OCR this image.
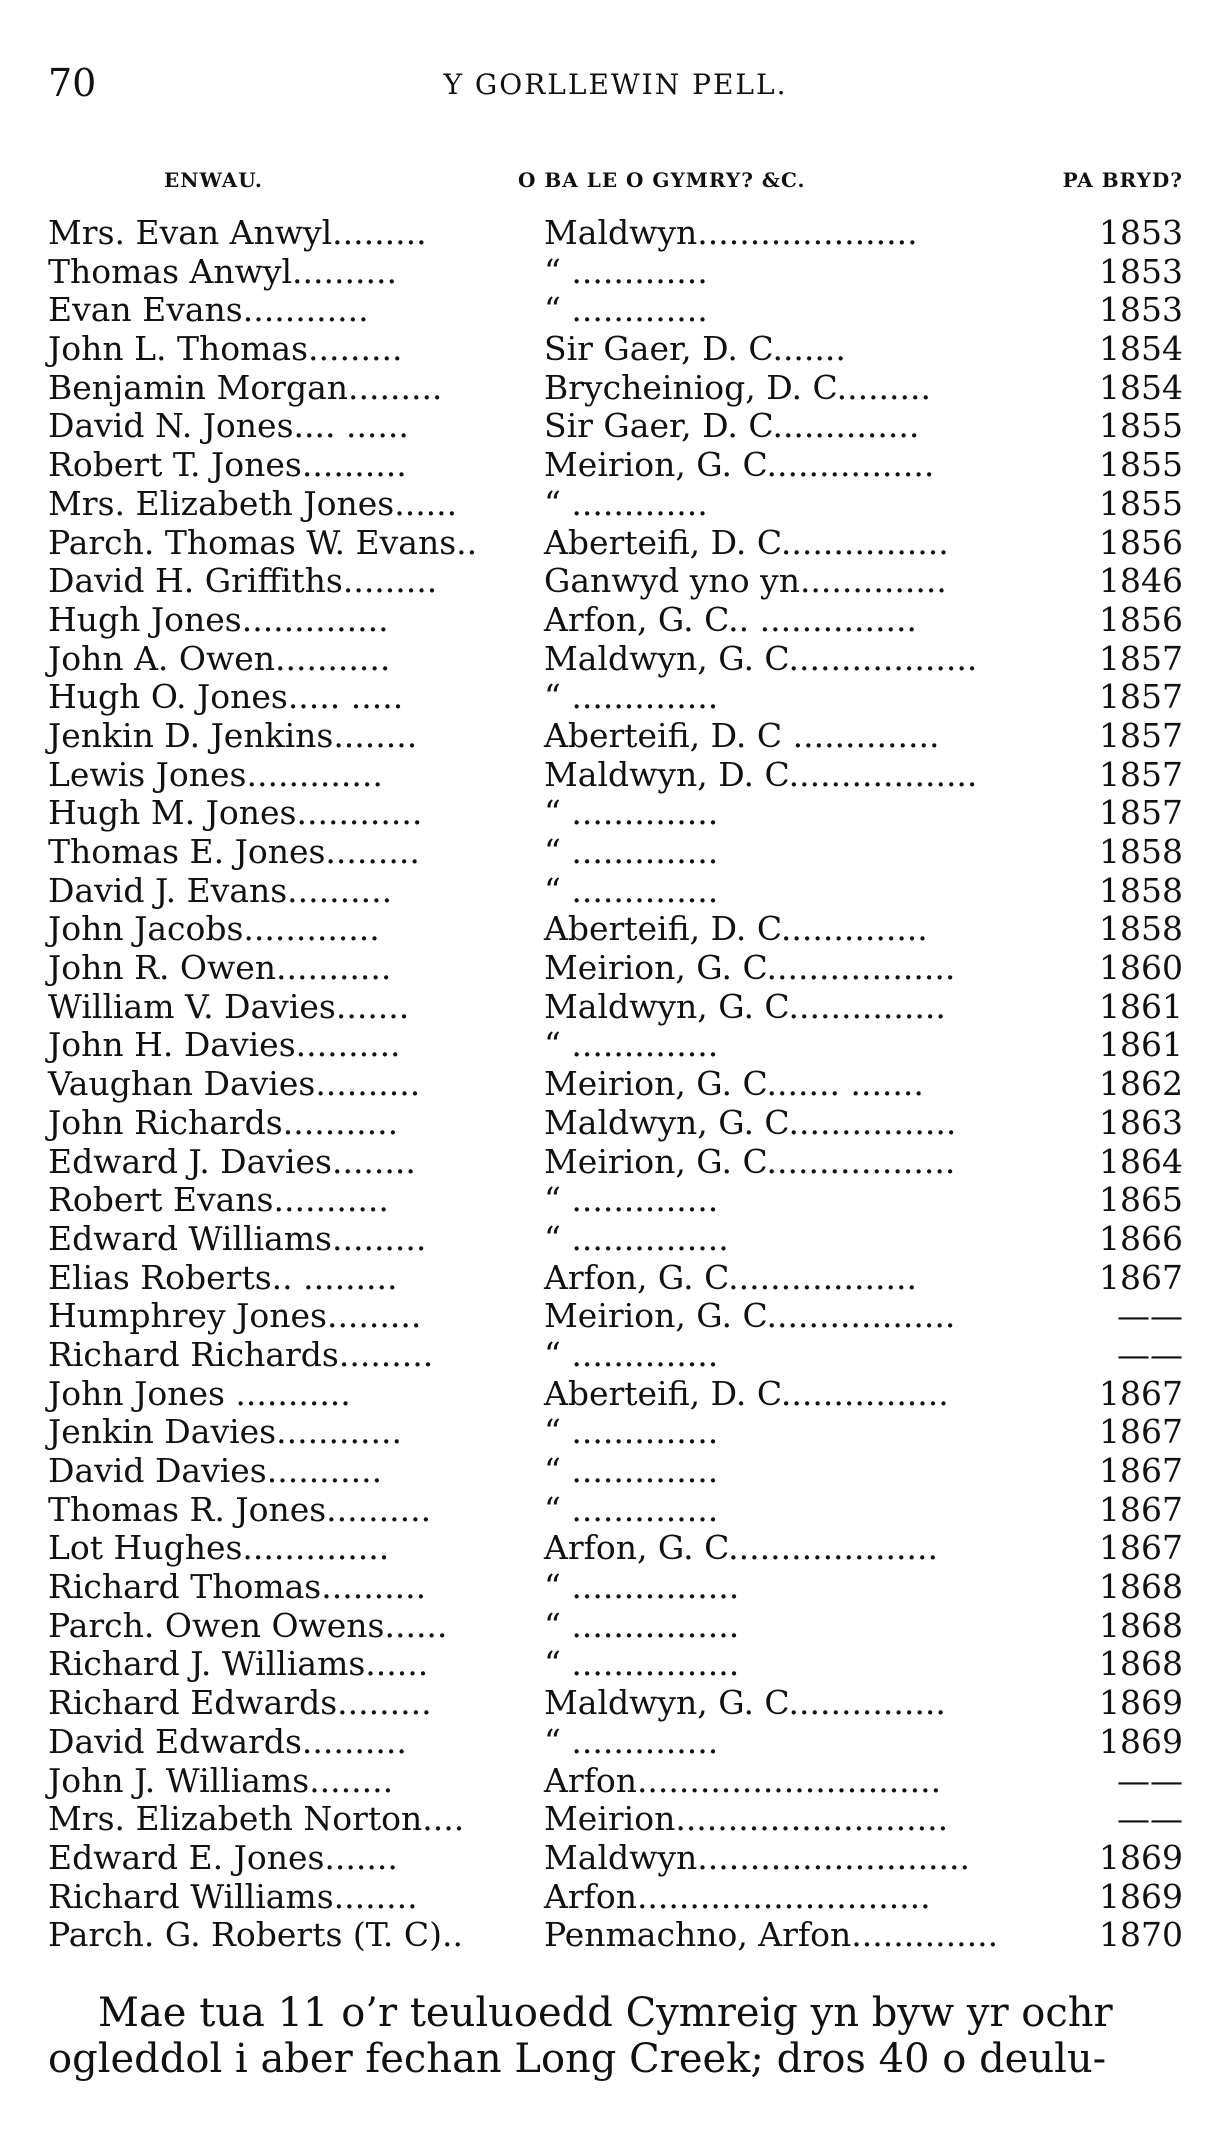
70	Y GORLLEWIN PELL.
ENWAU.	O BA LE O GYMRY? &C.	PA BRYD?
Mrs. Evan Anwyl.........	Maldwyn.....................	1853
Thomas Anwyl..........	“ .............	1853
Evan Evans............	“ .............	1853
John L. Thomas.........	Sir Gaer, D. C.......	1854
Benjamin Morgan.........	Brycheiniog, D. C.........	1854
David N. Jones.... ......	Sir Gaer, D. C..............	1855
Robert T. Jones..........	Meirion, G. C................	1855
Mrs. Elizabeth Jones......	“ .............	1855
Parch. Thomas W. Evans.. Aberteifi, D. C................	1856
David H. Griffiths.........	Ganwyd yno yn..............	1846
Hugh Jones..............	Arfon, G. C.. ...............	1856
John A. Owen...........	Maldwyn, G. C..................	1857
Hugh O. Jones..... .....	“ ..............	1857
Jenkin D. Jenkins........	Aberteifi, D. C ..............	1857
Lewis Jones.............	Maldwyn, D. C..................	1857
Hugh M. Jones............	“ ..............	1857
Thomas E. Jones.........	“ ..............	1858
David J. Evans..........	“ ..............	1858
John Jacobs.............	Aberteifi, D. C..............	1858
John R. Owen...........	Meirion, G. C..................	1860
William V. Davies.......	Maldwyn, G. C...............	1861
John H. Davies..........	“ ..............	1861
Vaughan Davies..........	Meirion, G. C....... .......	1862
John Richards...........	Maldwyn, G. C................	1863
Edward J. Davies........	Meirion, G. C..................	1864
Robert Evans...........	“ ..............	1865
Edward Williams.........	“ ...............	1866
Elias Roberts.. .........	Arfon, G. C..................	1867
Humphrey Jones.........	Meirion, G. C..................	——
Richard Richards.........	“ ..............	——
John Jones ...........	Aberteifi, D. C................	1867
Jenkin Davies............	“ ..............	1867
David Davies...........	“ ..............	1867
Thomas R. Jones..........	“ ..............	1867
Lot Hughes..............	Arfon, G. C....................	1867
Richard Thomas..........	“ ................	1868
Parch. Owen Owens......	“ ................	1868
Richard J. Williams......	“ ................	1868
Richard Edwards.........	Maldwyn, G. C...............	1869
David Edwards..........	“ ..............	1869
John J. Williams........	Arfon.............................	——
Mrs. Elizabeth Norton.... Meirion..........................	——
Edward E. Jones.......	Maldwyn..........................	1869
Richard Williams........	Arfon............................	1869
Parch. G. Roberts (T. C).. Penmachno, Arfon..............	1870
Mae tua 11 o’r teuluoedd Cymreig yn byw yr ochr
ogleddol i aber fechan Long Creek; dros 40 o deulu-
